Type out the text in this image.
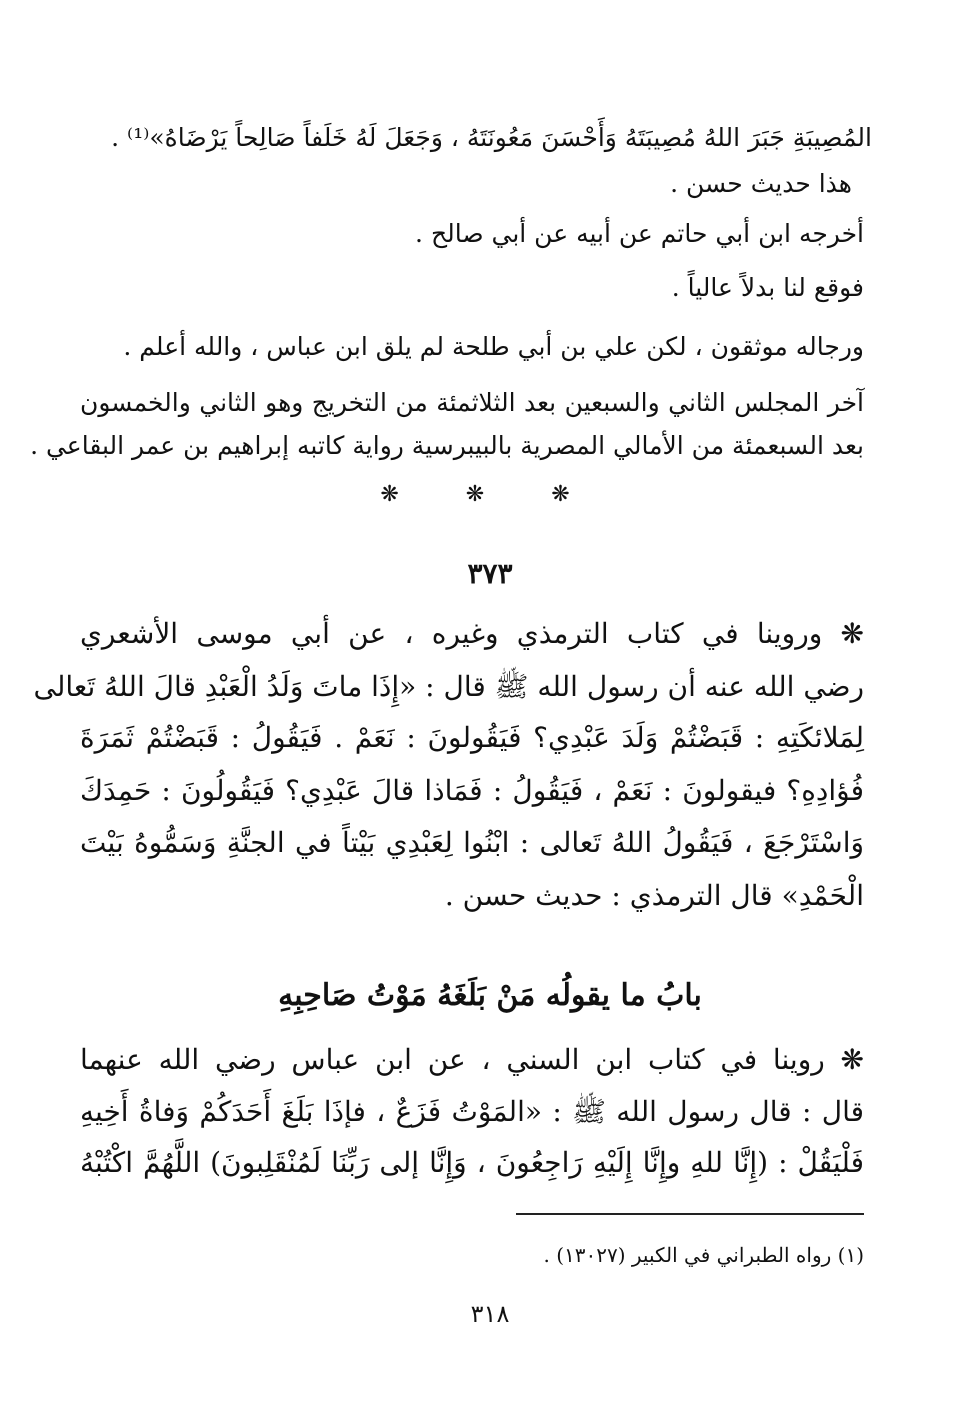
المُصِيبَةِ جَبَرَ اللهُ مُصِيبَتَهُ وَأَحْسَنَ مَعُونَتَهُ ، وَجَعَلَ لَهُ خَلَفاً صَالِحاً يَرْضَاهُ»⁽¹⁾ .
هذا حديث حسن .
أخرجه ابن أبي حاتم عن أبيه عن أبي صالح .
فوقع لنا بدلاً عالياً .
ورجاله موثقون ، لكن علي بن أبي طلحة لم يلق ابن عباس ، والله أعلم .
آخر المجلس الثاني والسبعين بعد الثلاثمئة من التخريج وهو الثاني والخمسون
بعد السبعمئة من الأمالي المصرية بالبيبرسية رواية كاتبه إبراهيم بن عمر البقاعي .
❋ ❋ ❋
٣٧٣
❋ وروينا في كتاب الترمذي وغيره ، عن أبي موسى الأشعري
رضي الله عنه أن رسول الله ﷺ قال : «إِذَا ماتَ وَلَدُ الْعَبْدِ قالَ اللهُ تَعالى
لِمَلائكَتِهِ : قَبَضْتُمْ وَلَدَ عَبْدِي؟ فَيَقُولونَ : نَعَمْ . فَيَقُولُ : قَبَضْتُمْ ثَمَرَةَ
فُؤادِهِ؟ فيقولونَ : نَعَمْ ، فَيَقُولُ : فَمَاذا قالَ عَبْدِي؟ فَيَقُولُونَ : حَمِدَكَ
وَاسْتَرْجَعَ ، فَيَقُولُ اللهُ تَعالى : ابْنُوا لِعَبْدِي بَيْتاً في الجنَّةِ وَسَمُّوهُ بَيْتَ
الْحَمْدِ» قال الترمذي : حديث حسن .
بابُ ما يقولُه مَنْ بَلَغَهُ مَوْتُ صَاحِبِهِ
❋ روينا في كتاب ابن السني ، عن ابن عباس رضي الله عنهما
قال : قال رسول الله ﷺ : «المَوْتُ فَزَعٌ ، فإذَا بَلَغَ أَحَدَكُمْ وَفاةُ أَخِيهِ
فَلْيَقُلْ : (إِنَّا للهِ وإِنَّا إِلَيْهِ رَاجِعُونَ ، وَإِنَّا إلى رَبِّنَا لَمُنْقَلِبونَ) اللَّهُمَّ اكْتُبْهُ
(١) رواه الطبراني في الكبير (١٣٠٢٧) .
٣١٨
